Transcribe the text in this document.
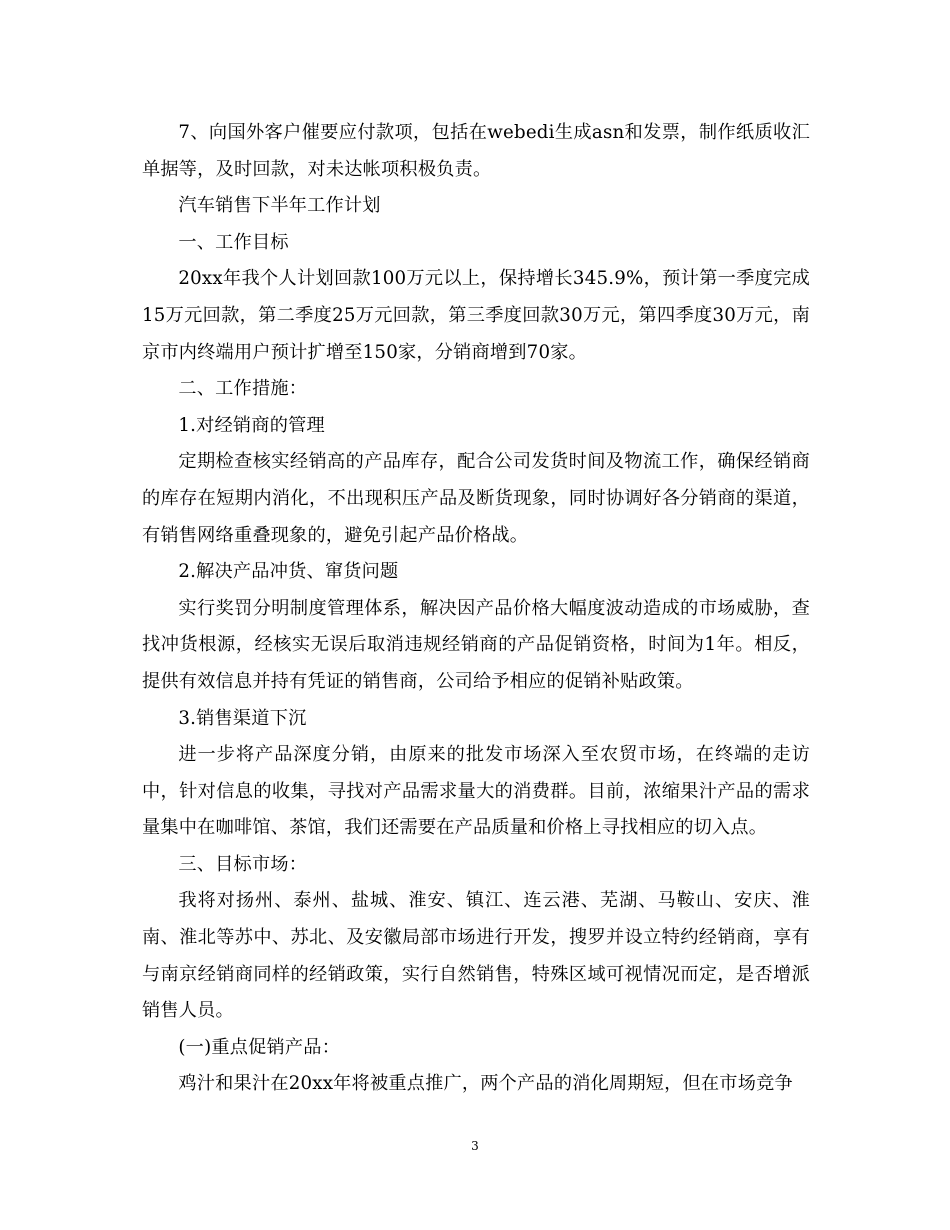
7、向国外客户催要应付款项，包括在webedi生成asn和发票，制作纸质收汇单据等，及时回款，对未达帐项积极负责。

汽车销售下半年工作计划

一、工作目标

20xx年我个人计划回款100万元以上，保持增长345.9%，预计第一季度完成15万元回款，第二季度25万元回款，第三季度回款30万元，第四季度30万元，南京市内终端用户预计扩增至150家，分销商增到70家。

二、工作措施：

1.对经销商的管理

定期检查核实经销高的产品库存，配合公司发货时间及物流工作，确保经销商的库存在短期内消化，不出现积压产品及断货现象，同时协调好各分销商的渠道，有销售网络重叠现象的，避免引起产品价格战。

2.解决产品冲货、窜货问题

实行奖罚分明制度管理体系，解决因产品价格大幅度波动造成的市场威胁，查找冲货根源，经核实无误后取消违规经销商的产品促销资格，时间为1年。相反，提供有效信息并持有凭证的销售商，公司给予相应的促销补贴政策。

3.销售渠道下沉

进一步将产品深度分销，由原来的批发市场深入至农贸市场，在终端的走访中，针对信息的收集，寻找对产品需求量大的消费群。目前，浓缩果汁产品的需求量集中在咖啡馆、茶馆，我们还需要在产品质量和价格上寻找相应的切入点。

三、目标市场：

我将对扬州、泰州、盐城、淮安、镇江、连云港、芜湖、马鞍山、安庆、淮南、淮北等苏中、苏北、及安徽局部市场进行开发，搜罗并设立特约经销商，享有与南京经销商同样的经销政策，实行自然销售，特殊区域可视情况而定，是否增派销售人员。

(一)重点促销产品：

鸡汁和果汁在20xx年将被重点推广，两个产品的消化周期短，但在市场竞争

3
